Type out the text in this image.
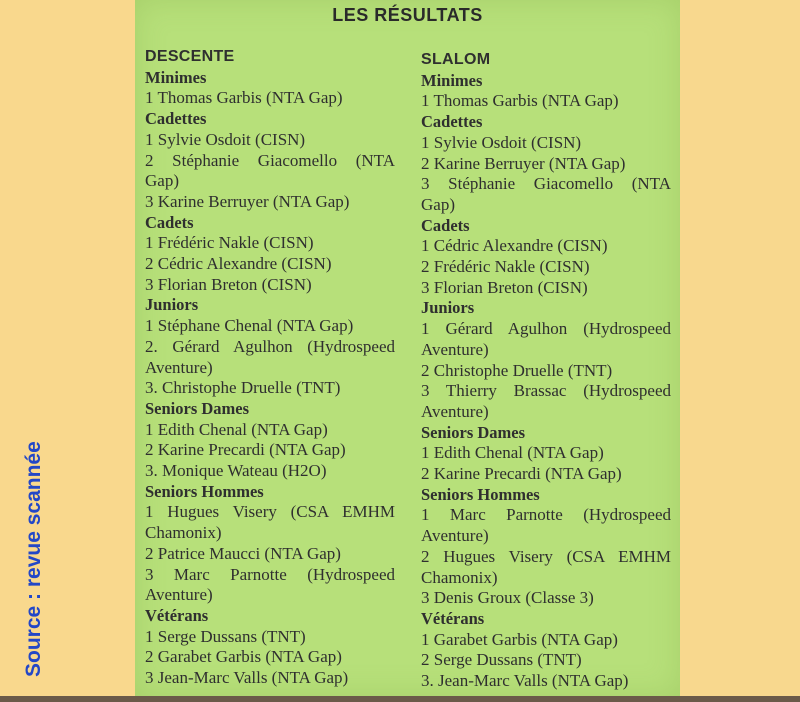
Source : revue scannée
LES RÉSULTATS
DESCENTE
Minimes
1 Thomas Garbis (NTA Gap)
Cadettes
1 Sylvie Osdoit (CISN)
2 Stéphanie Giacomello (NTA
Gap)
3 Karine Berruyer (NTA Gap)
Cadets
1 Frédéric Nakle (CISN)
2 Cédric Alexandre (CISN)
3 Florian Breton (CISN)
Juniors
1 Stéphane Chenal (NTA Gap)
2. Gérard Agulhon (Hydrospeed
Aventure)
3. Christophe Druelle (TNT)
Seniors Dames
1 Edith Chenal (NTA Gap)
2 Karine Precardi (NTA Gap)
3. Monique Wateau (H2O)
Seniors Hommes
1 Hugues Visery (CSA EMHM
Chamonix)
2 Patrice Maucci (NTA Gap)
3 Marc Parnotte (Hydrospeed
Aventure)
Vétérans
1 Serge Dussans (TNT)
2 Garabet Garbis (NTA Gap)
3 Jean-Marc Valls (NTA Gap)
SLALOM
Minimes
1 Thomas Garbis (NTA Gap)
Cadettes
1 Sylvie Osdoit (CISN)
2 Karine Berruyer (NTA Gap)
3 Stéphanie Giacomello (NTA
Gap)
Cadets
1 Cédric Alexandre (CISN)
2 Frédéric Nakle (CISN)
3 Florian Breton (CISN)
Juniors
1 Gérard Agulhon (Hydrospeed
Aventure)
2 Christophe Druelle (TNT)
3 Thierry Brassac (Hydrospeed
Aventure)
Seniors Dames
1 Edith Chenal (NTA Gap)
2 Karine Precardi (NTA Gap)
Seniors Hommes
1 Marc Parnotte (Hydrospeed
Aventure)
2 Hugues Visery (CSA EMHM
Chamonix)
3 Denis Groux (Classe 3)
Vétérans
1 Garabet Garbis (NTA Gap)
2 Serge Dussans (TNT)
3. Jean-Marc Valls (NTA Gap)
